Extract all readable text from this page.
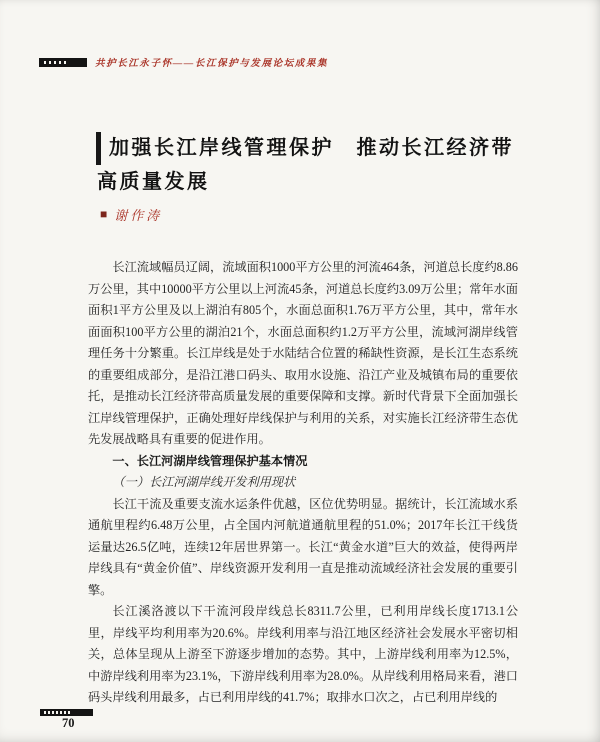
共护长江永子怀——长江保护与发展论坛成果集
加强长江岸线管理保护　推动长江经济带
高质量发展
■ 谢作涛

长江流域幅员辽阔，流域面积1000平方公里的河流464条，河道总长度约8.86万公里，其中10000平方公里以上河流45条，河道总长度约3.09万公里；常年水面面积1平方公里及以上湖泊有805个，水面总面积1.76万平方公里，其中，常年水面面积100平方公里的湖泊21个，水面总面积约1.2万平方公里，流域河湖岸线管理任务十分繁重。长江岸线是处于水陆结合位置的稀缺性资源，是长江生态系统的重要组成部分，是沿江港口码头、取用水设施、沿江产业及城镇布局的重要依托，是推动长江经济带高质量发展的重要保障和支撑。新时代背景下全面加强长江岸线管理保护，正确处理好岸线保护与利用的关系，对实施长江经济带生态优先发展战略具有重要的促进作用。

一、长江河湖岸线管理保护基本情况

（一）长江河湖岸线开发利用现状

长江干流及重要支流水运条件优越，区位优势明显。据统计，长江流域水系通航里程约6.48万公里，占全国内河航道通航里程的51.0%；2017年长江干线货运量达26.5亿吨，连续12年居世界第一。长江“黄金水道”巨大的效益，使得两岸岸线具有“黄金价值”、岸线资源开发利用一直是推动流域经济社会发展的重要引擎。

长江溪洛渡以下干流河段岸线总长8311.7公里，已利用岸线长度1713.1公里，岸线平均利用率为20.6%。岸线利用率与沿江地区经济社会发展水平密切相关，总体呈现从上游至下游逐步增加的态势。其中，上游岸线利用率为12.5%，中游岸线利用率为23.1%，下游岸线利用率为28.0%。从岸线利用格局来看，港口码头岸线利用最多，占已利用岸线的41.7%；取排水口次之，占已利用岸线的

70
